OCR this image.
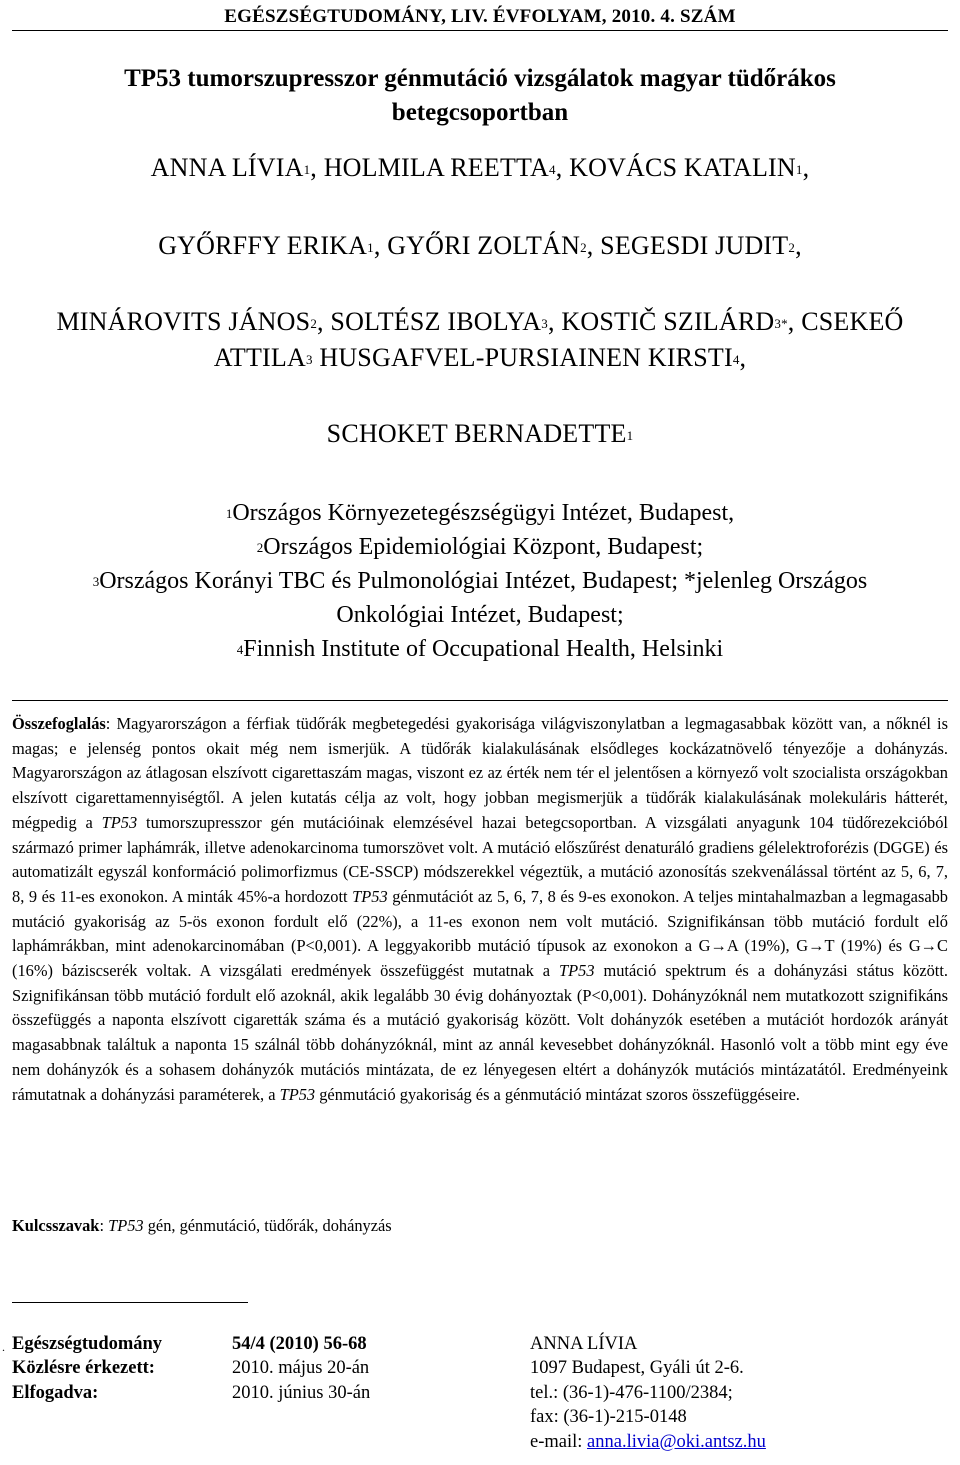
EGÉSZSÉGTUDOMÁNY, LIV. ÉVFOLYAM, 2010. 4. SZÁM
TP53 tumorszupresszor génmutáció vizsgálatok magyar tüdőrákos
betegcsoportban
ANNA LÍVIA$^1$, HOLMILA REETTA$^4$, KOVÁCS KATALIN$^1$,
GYŐRFFY ERIKA$^1$, GYŐRI ZOLTÁN$^2$, SEGESDI JUDIT$^2$,
MINÁROVITS JÁNOS$^2$, SOLTÉSZ IBOLYA$^3$, KOSTIČ $SZILÁRD^{3*}$, CSEKEŐ
ATTILA$^3$ HUSGAFVEL-PURSIAINEN KIRSTI$^4$,
SCHOKET BERNADETTE$^1$
$^1$Országos Környezetegészségügyi Intézet, Budapest,
$^2$Országos Epidemiológiai Központ, Budapest;
$^3$Országos Korányi TBC és Pulmonológiai Intézet, Budapest; *jelenleg Országos
Onkológiai Intézet, Budapest;
$^4$Finnish Institute of Occupational Health, Helsinki

Összefoglalás: Magyarországon a férfiak tüdőrák megbetegedési gyakorisága világviszonylatban a legmagasabbak között van, a nőknél is magas; e jelenség pontos okait még nem ismerjük. A tüdőrák kialakulásának elsődleges kockázatnövelő tényezője a dohányzás. Magyarországon az átlagosan elszívott cigarettaszám magas, viszont ez az érték nem tér el jelentősen a környező volt szocialista országokban elszívott cigarettamennyiségtől. A jelen kutatás célja az volt, hogy jobban megismerjük a tüdőrák kialakulásának molekuláris hátterét, mégpedig a TP53 tumorszupresszor gén mutációinak elemzésével hazai betegcsoportban. A vizsgálati anyagunk 104 tüdőrezekcióból származó primer laphámrák, illetve adenokarcinoma tumorszövet volt. A mutáció előszűrést denaturáló gradiens gélelektroforézis (DGGE) és automatizált egyszál konformáció polimorfizmus (CE-SSCP) módszerekkel végeztük, a mutáció azonosítás szekvenálással történt az 5, 6, 7, 8, 9 és 11-es exonokon. A minták 45%-a hordozott TP53 génmutációt az 5, 6, 7, 8 és 9-es exonokon. A teljes mintahalmazban a legmagasabb mutáció gyakoriság az 5-ös exonon fordult elő (22%), a 11-es exonon nem volt mutáció. Szignifikánsan több mutáció fordult elő laphámrákban, mint adenokarcinomában (P<0,001). A leggyakoribb mutáció típusok az exonokon a G→A (19%), G→T (19%) és G→C (16%) báziscserék voltak. A vizsgálati eredmények összefüggést mutatnak a TP53 mutáció spektrum és a dohányzási státus között. Szignifikánsan több mutáció fordult elő azoknál, akik legalább 30 évig dohányoztak (P<0,001). Dohányzóknál nem mutatkozott szignifikáns összefüggés a naponta elszívott cigaretták száma és a mutáció gyakoriság között. Volt dohányzók esetében a mutációt hordozók arányát magasabbnak találtuk a naponta 15 szálnál több dohányzóknál, mint az annál kevesebbet dohányzóknál. Hasonló volt a több mint egy éve nem dohányzók és a sohasem dohányzók mutációs mintázata, de ez lényegesen eltért a dohányzók mutációs mintázatától. Eredményeink rámutatnak a dohányzási paraméterek, a TP53 génmutáció gyakoriság és a génmutáció mintázat szoros összefüggéseire.

Kulcsszavak: TP53 gén, génmutáció, tüdőrák, dohányzás
. Egészségtudomány	54/4 (2010) 56-68	ANNA LÍVIA
Közlésre érkezett:	2010. május 20-án	1097 Budapest, Gyáli út 2-6.
Elfogadva:	2010. június 30-án	tel.: (36-1)-476-1100/2384;
fax: (36-1)-215-0148
e-mail: anna.livia@oki.antsz.hu
